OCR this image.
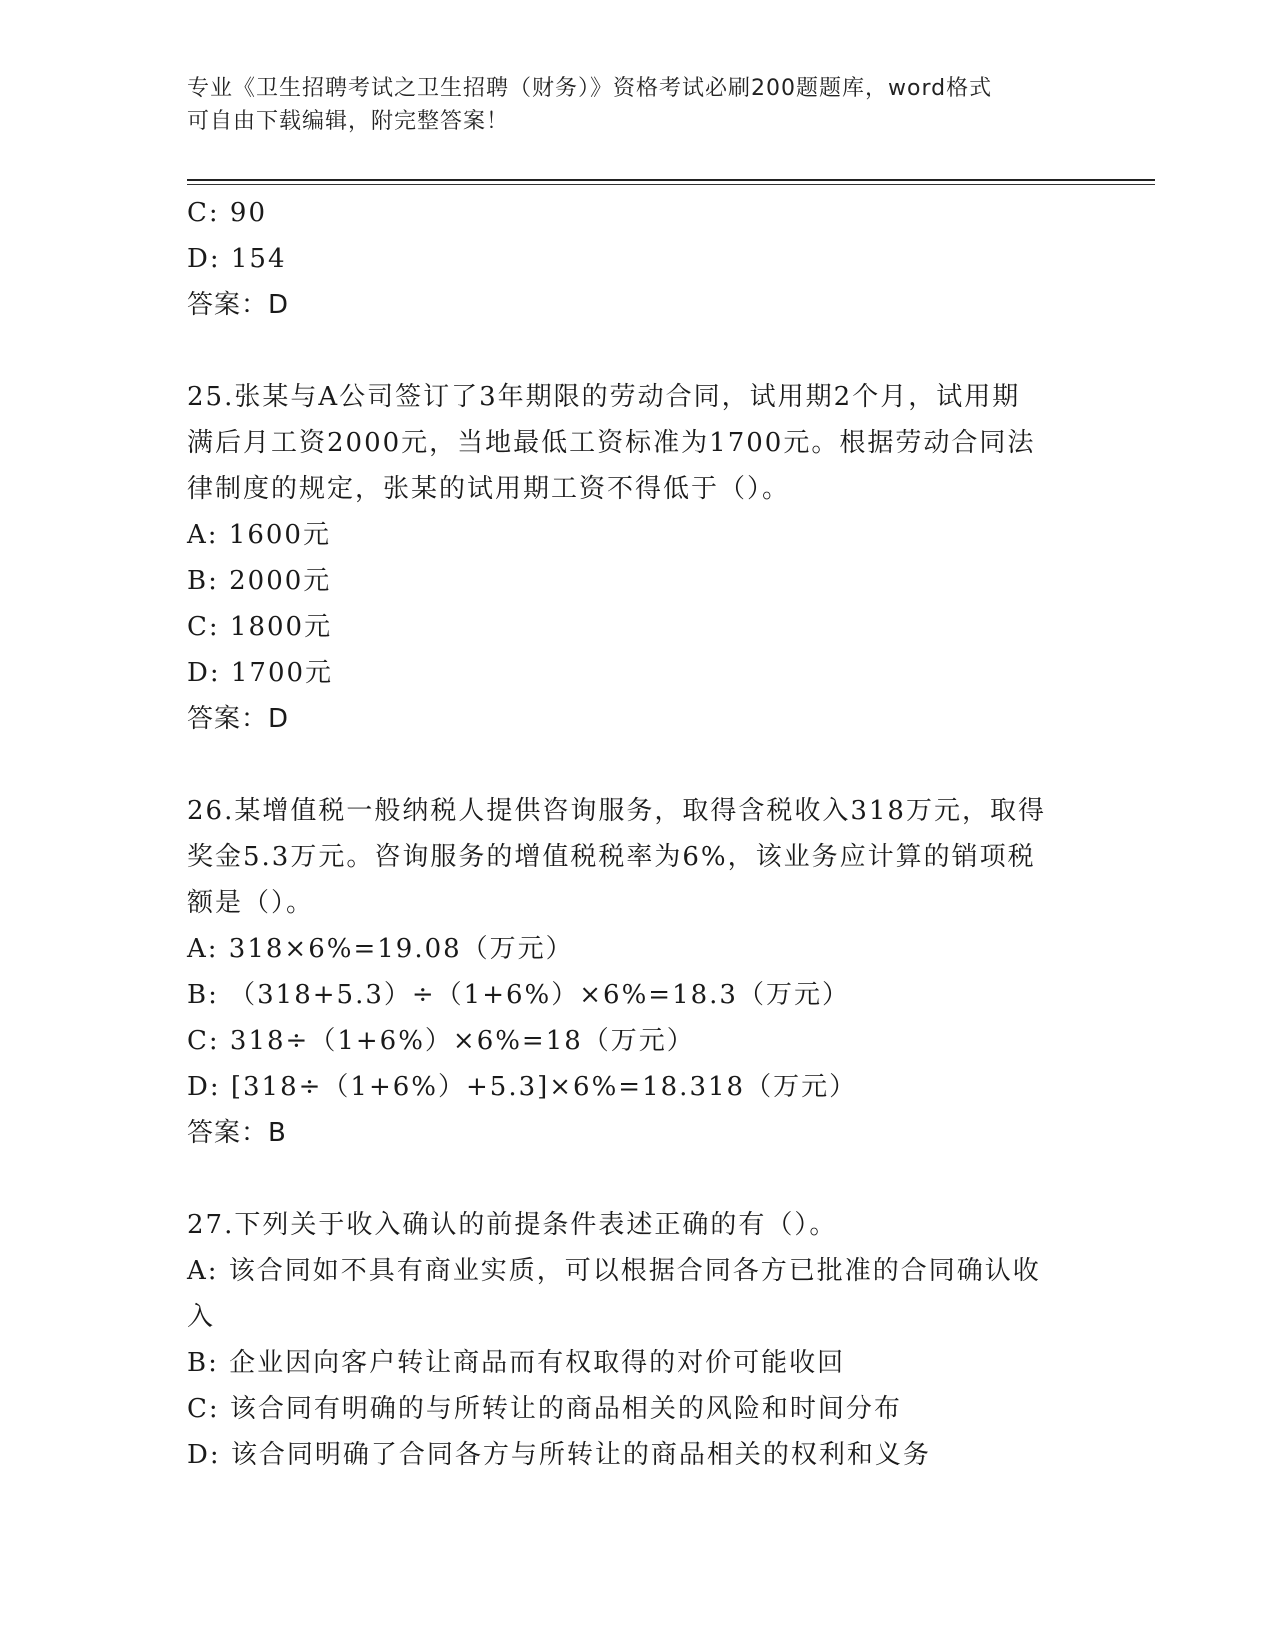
专业《卫生招聘考试之卫生招聘（财务）》资格考试必刷200题题库，word格式
可自由下载编辑，附完整答案！
C: 90
D: 154
答案：D
25.张某与A公司签订了3年期限的劳动合同，试用期2个月，试用期
满后月工资2000元，当地最低工资标准为1700元。根据劳动合同法
律制度的规定，张某的试用期工资不得低于（）。
A: 1600元
B: 2000元
C: 1800元
D: 1700元
答案：D
26.某增值税一般纳税人提供咨询服务，取得含税收入318万元，取得
奖金5.3万元。咨询服务的增值税税率为6%，该业务应计算的销项税
额是（）。
A: 318×6%=19.08（万元）
B: （318+5.3）÷（1+6%）×6%=18.3（万元）
C: 318÷（1+6%）×6%=18（万元）
D: [318÷（1+6%）+5.3]×6%=18.318（万元）
答案：B
27.下列关于收入确认的前提条件表述正确的有（）。
A: 该合同如不具有商业实质，可以根据合同各方已批准的合同确认收
入
B: 企业因向客户转让商品而有权取得的对价可能收回
C: 该合同有明确的与所转让的商品相关的风险和时间分布
D: 该合同明确了合同各方与所转让的商品相关的权利和义务
